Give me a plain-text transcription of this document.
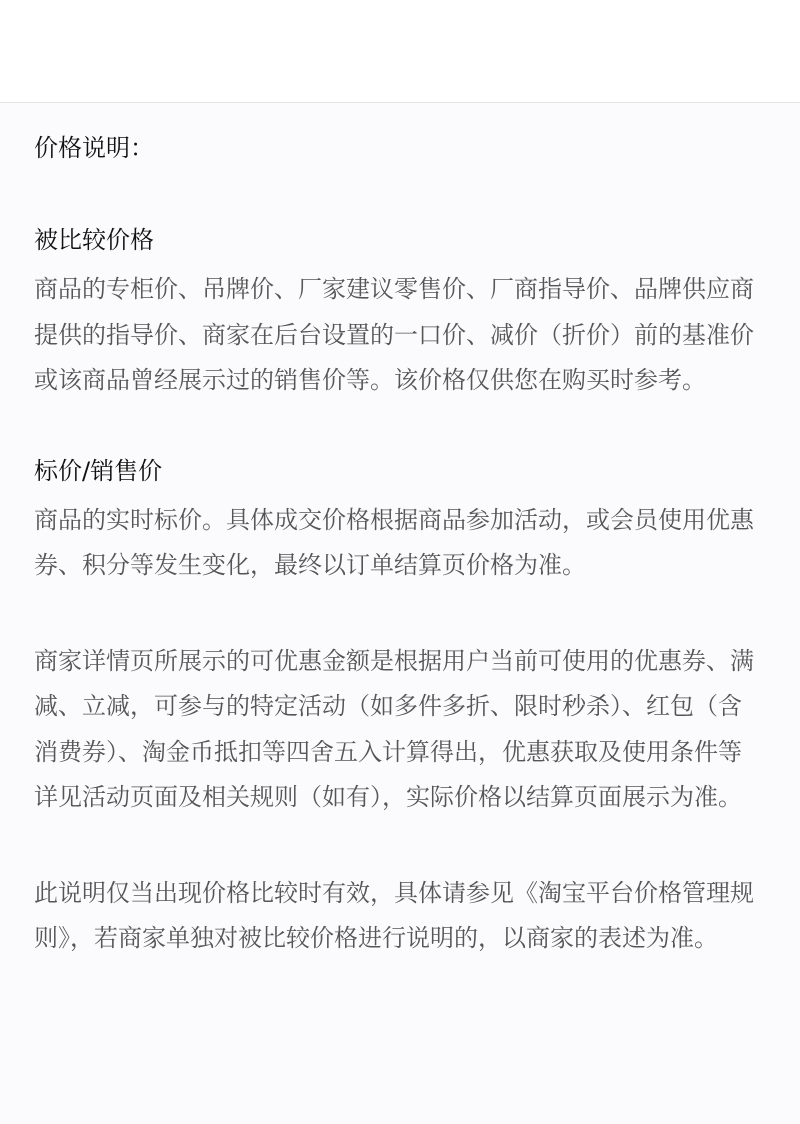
价格说明：

被比较价格

商品的专柜价、吊牌价、厂家建议零售价、厂商指导价、品牌供应商提供的指导价、商家在后台设置的一口价、减价（折价）前的基准价或该商品曾经展示过的销售价等。该价格仅供您在购买时参考。

标价/销售价

商品的实时标价。具体成交价格根据商品参加活动，或会员使用优惠券、积分等发生变化，最终以订单结算页价格为准。

商家详情页所展示的可优惠金额是根据用户当前可使用的优惠券、满减、立减，可参与的特定活动（如多件多折、限时秒杀）、红包（含消费券）、淘金币抵扣等四舍五入计算得出，优惠获取及使用条件等详见活动页面及相关规则（如有），实际价格以结算页面展示为准。

此说明仅当出现价格比较时有效，具体请参见《淘宝平台价格管理规则》，若商家单独对被比较价格进行说明的，以商家的表述为准。
